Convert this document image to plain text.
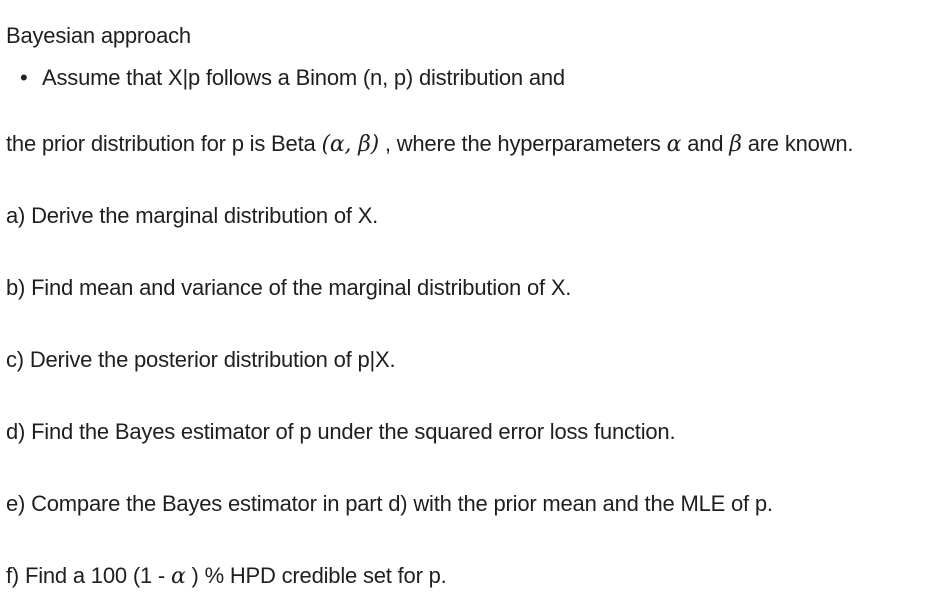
Bayesian approach
• Assume that X|p follows a Binom (n, p) distribution and
the prior distribution for p is Beta (α, β) , where the hyperparameters α and β are known.
a) Derive the marginal distribution of X.
b) Find mean and variance of the marginal distribution of X.
c) Derive the posterior distribution of p|X.
d) Find the Bayes estimator of p under the squared error loss function.
e) Compare the Bayes estimator in part d) with the prior mean and the MLE of p.
f) Find a 100 (1 - α ) % HPD credible set for p.
